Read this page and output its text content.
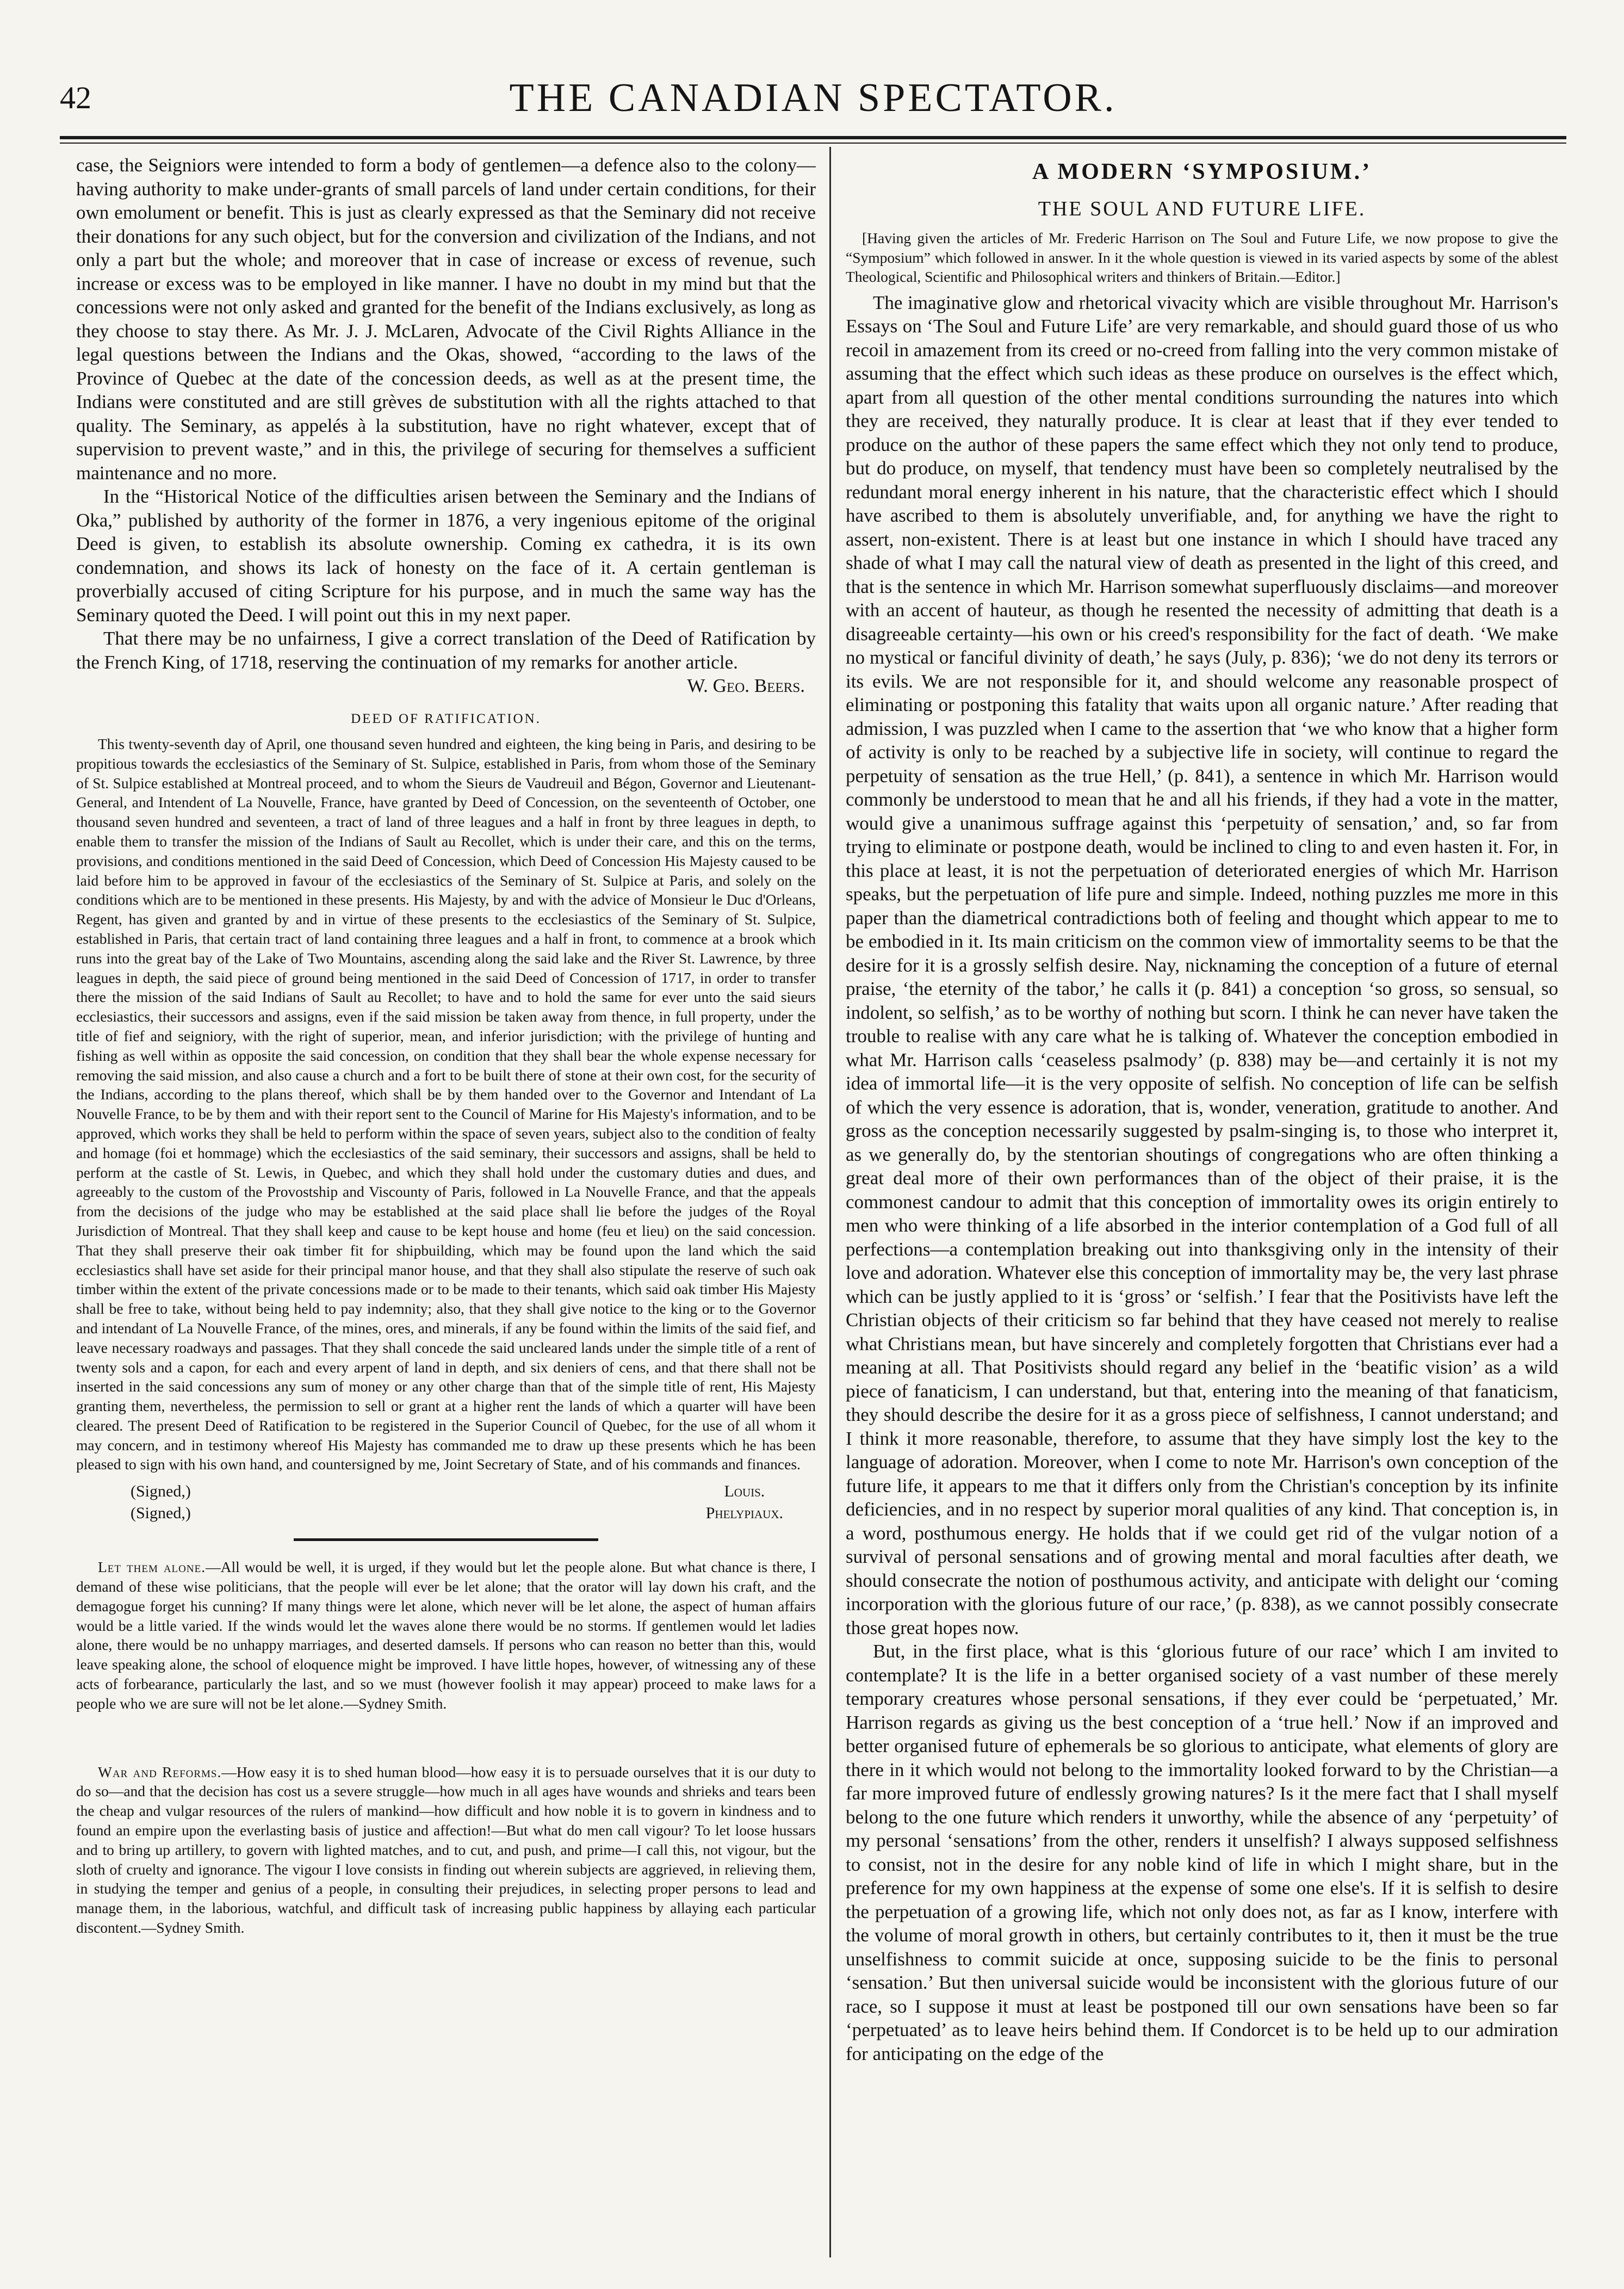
42	THE CANADIAN SPECTATOR.

case, the Seigniors were intended to form a body of gentlemen—a defence also to the colony—having authority to make under-grants of small parcels of land under certain conditions, for their own emolument or benefit. This is just as clearly expressed as that the Seminary did not receive their donations for any such object, but for the conversion and civilization of the Indians, and not only a part but the whole; and moreover that in case of increase or excess of revenue, such increase or excess was to be employed in like manner. I have no doubt in my mind but that the concessions were not only asked and granted for the benefit of the Indians exclusively, as long as they choose to stay there. As Mr. J. J. McLaren, Advocate of the Civil Rights Alliance in the legal questions between the Indians and the Okas, showed, “according to the laws of the Province of Quebec at the date of the concession deeds, as well as at the present time, the Indians were constituted and are still grèves de substitution with all the rights attached to that quality. The Seminary, as appelés à la substitution, have no right whatever, except that of supervision to prevent waste,” and in this, the privilege of securing for themselves a sufficient maintenance and no more.

In the “Historical Notice of the difficulties arisen between the Seminary and the Indians of Oka,” published by authority of the former in 1876, a very ingenious epitome of the original Deed is given, to establish its absolute ownership. Coming ex cathedra, it is its own condemnation, and shows its lack of honesty on the face of it. A certain gentleman is proverbially accused of citing Scripture for his purpose, and in much the same way has the Seminary quoted the Deed. I will point out this in my next paper.

That there may be no unfairness, I give a correct translation of the Deed of Ratification by the French King, of 1718, reserving the continuation of my remarks for another article.

W. Geo. Beers.
DEED OF RATIFICATION.

This twenty-seventh day of April, one thousand seven hundred and eighteen, the king being in Paris, and desiring to be propitious towards the ecclesiastics of the Seminary of St. Sulpice, established in Paris, from whom those of the Seminary of St. Sulpice established at Montreal proceed, and to whom the Sieurs de Vaudreuil and Bégon, Governor and Lieutenant-General, and Intendent of La Nouvelle, France, have granted by Deed of Concession, on the seventeenth of October, one thousand seven hundred and seventeen, a tract of land of three leagues and a half in front by three leagues in depth, to enable them to transfer the mission of the Indians of Sault au Recollet, which is under their care, and this on the terms, provisions, and conditions mentioned in the said Deed of Concession, which Deed of Concession His Majesty caused to be laid before him to be approved in favour of the ecclesiastics of the Seminary of St. Sulpice at Paris, and solely on the conditions which are to be mentioned in these presents. His Majesty, by and with the advice of Monsieur le Duc d'Orleans, Regent, has given and granted by and in virtue of these presents to the ecclesiastics of the Seminary of St. Sulpice, established in Paris, that certain tract of land containing three leagues and a half in front, to commence at a brook which runs into the great bay of the Lake of Two Mountains, ascending along the said lake and the River St. Lawrence, by three leagues in depth, the said piece of ground being mentioned in the said Deed of Concession of 1717, in order to transfer there the mission of the said Indians of Sault au Recollet; to have and to hold the same for ever unto the said sieurs ecclesiastics, their successors and assigns, even if the said mission be taken away from thence, in full property, under the title of fief and seigniory, with the right of superior, mean, and inferior jurisdiction; with the privilege of hunting and fishing as well within as opposite the said concession, on condition that they shall bear the whole expense necessary for removing the said mission, and also cause a church and a fort to be built there of stone at their own cost, for the security of the Indians, according to the plans thereof, which shall be by them handed over to the Governor and Intendant of La Nouvelle France, to be by them and with their report sent to the Council of Marine for His Majesty's information, and to be approved, which works they shall be held to perform within the space of seven years, subject also to the condition of fealty and homage (foi et hommage) which the ecclesiastics of the said seminary, their successors and assigns, shall be held to perform at the castle of St. Lewis, in Quebec, and which they shall hold under the customary duties and dues, and agreeably to the custom of the Provostship and Viscounty of Paris, followed in La Nouvelle France, and that the appeals from the decisions of the judge who may be established at the said place shall lie before the judges of the Royal Jurisdiction of Montreal. That they shall keep and cause to be kept house and home (feu et lieu) on the said concession. That they shall preserve their oak timber fit for shipbuilding, which may be found upon the land which the said ecclesiastics shall have set aside for their principal manor house, and that they shall also stipulate the reserve of such oak timber within the extent of the private concessions made or to be made to their tenants, which said oak timber His Majesty shall be free to take, without being held to pay indemnity; also, that they shall give notice to the king or to the Governor and intendant of La Nouvelle France, of the mines, ores, and minerals, if any be found within the limits of the said fief, and leave necessary roadways and passages. That they shall concede the said uncleared lands under the simple title of a rent of twenty sols and a capon, for each and every arpent of land in depth, and six deniers of cens, and that there shall not be inserted in the said concessions any sum of money or any other charge than that of the simple title of rent, His Majesty granting them, nevertheless, the permission to sell or grant at a higher rent the lands of which a quarter will have been cleared. The present Deed of Ratification to be registered in the Superior Council of Quebec, for the use of all whom it may concern, and in testimony whereof His Majesty has commanded me to draw up these presents which he has been pleased to sign with his own hand, and countersigned by me, Joint Secretary of State, and of his commands and finances.

(Signed,)
(Signed,)
Louis.
Phelypiaux.

Let them alone.—All would be well, it is urged, if they would but let the people alone. But what chance is there, I demand of these wise politicians, that the people will ever be let alone; that the orator will lay down his craft, and the demagogue forget his cunning? If many things were let alone, which never will be let alone, the aspect of human affairs would be a little varied. If the winds would let the waves alone there would be no storms. If gentlemen would let ladies alone, there would be no unhappy marriages, and deserted damsels. If persons who can reason no better than this, would leave speaking alone, the school of eloquence might be improved. I have little hopes, however, of witnessing any of these acts of forbearance, particularly the last, and so we must (however foolish it may appear) proceed to make laws for a people who we are sure will not be let alone.—Sydney Smith.

War and Reforms.—How easy it is to shed human blood—how easy it is to persuade ourselves that it is our duty to do so—and that the decision has cost us a severe struggle—how much in all ages have wounds and shrieks and tears been the cheap and vulgar resources of the rulers of mankind—how difficult and how noble it is to govern in kindness and to found an empire upon the everlasting basis of justice and affection!—But what do men call vigour? To let loose hussars and to bring up artillery, to govern with lighted matches, and to cut, and push, and prime—I call this, not vigour, but the sloth of cruelty and ignorance. The vigour I love consists in finding out wherein subjects are aggrieved, in relieving them, in studying the temper and genius of a people, in consulting their prejudices, in selecting proper persons to lead and manage them, in the laborious, watchful, and difficult task of increasing public happiness by allaying each particular discontent.—Sydney Smith.

A MODERN ‘SYMPOSIUM.’
THE SOUL AND FUTURE LIFE.

[Having given the articles of Mr. Frederic Harrison on The Soul and Future Life, we now propose to give the “Symposium” which followed in answer. In it the whole question is viewed in its varied aspects by some of the ablest Theological, Scientific and Philosophical writers and thinkers of Britain.—Editor.]

The imaginative glow and rhetorical vivacity which are visible throughout Mr. Harrison's Essays on ‘The Soul and Future Life’ are very remarkable, and should guard those of us who recoil in amazement from its creed or no-creed from falling into the very common mistake of assuming that the effect which such ideas as these produce on ourselves is the effect which, apart from all question of the other mental conditions surrounding the natures into which they are received, they naturally produce. It is clear at least that if they ever tended to produce on the author of these papers the same effect which they not only tend to produce, but do produce, on myself, that tendency must have been so completely neutralised by the redundant moral energy inherent in his nature, that the characteristic effect which I should have ascribed to them is absolutely unverifiable, and, for anything we have the right to assert, non-existent. There is at least but one instance in which I should have traced any shade of what I may call the natural view of death as presented in the light of this creed, and that is the sentence in which Mr. Harrison somewhat superfluously disclaims—and moreover with an accent of hauteur, as though he resented the necessity of admitting that death is a disagreeable certainty—his own or his creed's responsibility for the fact of death. ‘We make no mystical or fanciful divinity of death,’ he says (July, p. 836); ‘we do not deny its terrors or its evils. We are not responsible for it, and should welcome any reasonable prospect of eliminating or postponing this fatality that waits upon all organic nature.’ After reading that admission, I was puzzled when I came to the assertion that ‘we who know that a higher form of activity is only to be reached by a subjective life in society, will continue to regard the perpetuity of sensation as the true Hell,’ (p. 841), a sentence in which Mr. Harrison would commonly be understood to mean that he and all his friends, if they had a vote in the matter, would give a unanimous suffrage against this ‘perpetuity of sensation,’ and, so far from trying to eliminate or postpone death, would be inclined to cling to and even hasten it. For, in this place at least, it is not the perpetuation of deteriorated energies of which Mr. Harrison speaks, but the perpetuation of life pure and simple. Indeed, nothing puzzles me more in this paper than the diametrical contradictions both of feeling and thought which appear to me to be embodied in it. Its main criticism on the common view of immortality seems to be that the desire for it is a grossly selfish desire. Nay, nicknaming the conception of a future of eternal praise, ‘the eternity of the tabor,’ he calls it (p. 841) a conception ‘so gross, so sensual, so indolent, so selfish,’ as to be worthy of nothing but scorn. I think he can never have taken the trouble to realise with any care what he is talking of. Whatever the conception embodied in what Mr. Harrison calls ‘ceaseless psalmody’ (p. 838) may be—and certainly it is not my idea of immortal life—it is the very opposite of selfish. No conception of life can be selfish of which the very essence is adoration, that is, wonder, veneration, gratitude to another. And gross as the conception necessarily suggested by psalm-singing is, to those who interpret it, as we generally do, by the stentorian shoutings of congregations who are often thinking a great deal more of their own performances than of the object of their praise, it is the commonest candour to admit that this conception of immortality owes its origin entirely to men who were thinking of a life absorbed in the interior contemplation of a God full of all perfections—a contemplation breaking out into thanksgiving only in the intensity of their love and adoration. Whatever else this conception of immortality may be, the very last phrase which can be justly applied to it is ‘gross’ or ‘selfish.’ I fear that the Positivists have left the Christian objects of their criticism so far behind that they have ceased not merely to realise what Christians mean, but have sincerely and completely forgotten that Christians ever had a meaning at all. That Positivists should regard any belief in the ‘beatific vision’ as a wild piece of fanaticism, I can understand, but that, entering into the meaning of that fanaticism, they should describe the desire for it as a gross piece of selfishness, I cannot understand; and I think it more reasonable, therefore, to assume that they have simply lost the key to the language of adoration. Moreover, when I come to note Mr. Harrison's own conception of the future life, it appears to me that it differs only from the Christian's conception by its infinite deficiencies, and in no respect by superior moral qualities of any kind. That conception is, in a word, posthumous energy. He holds that if we could get rid of the vulgar notion of a survival of personal sensations and of growing mental and moral faculties after death, we should consecrate the notion of posthumous activity, and anticipate with delight our ‘coming incorporation with the glorious future of our race,’ (p. 838), as we cannot possibly consecrate those great hopes now.

But, in the first place, what is this ‘glorious future of our race’ which I am invited to contemplate? It is the life in a better organised society of a vast number of these merely temporary creatures whose personal sensations, if they ever could be ‘perpetuated,’ Mr. Harrison regards as giving us the best conception of a ‘true hell.’ Now if an improved and better organised future of ephemerals be so glorious to anticipate, what elements of glory are there in it which would not belong to the immortality looked forward to by the Christian—a far more improved future of endlessly growing natures? Is it the mere fact that I shall myself belong to the one future which renders it unworthy, while the absence of any ‘perpetuity’ of my personal ‘sensations’ from the other, renders it unselfish? I always supposed selfishness to consist, not in the desire for any noble kind of life in which I might share, but in the preference for my own happiness at the expense of some one else's. If it is selfish to desire the perpetuation of a growing life, which not only does not, as far as I know, interfere with the volume of moral growth in others, but certainly contributes to it, then it must be the true unselfishness to commit suicide at once, supposing suicide to be the finis to personal ‘sensation.’ But then universal suicide would be inconsistent with the glorious future of our race, so I suppose it must at least be postponed till our own sensations have been so far ‘perpetuated’ as to leave heirs behind them. If Condorcet is to be held up to our admiration for anticipating on the edge of the
